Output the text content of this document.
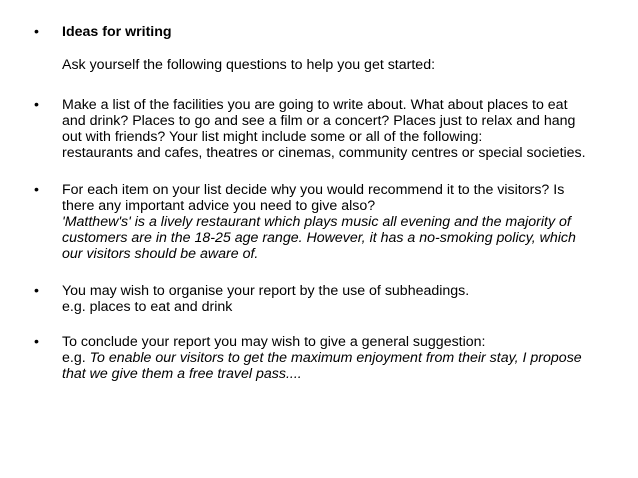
•	Ideas for writing
Ask yourself the following questions to help you get started:
•	Make a list of the facilities you are going to write about. What about places to eat
and drink? Places to go and see a film or a concert? Places just to relax and hang
out with friends? Your list might include some or all of the following:
restaurants and cafes, theatres or cinemas, community centres or special societies.
•	For each item on your list decide why you would recommend it to the visitors? Is
there any important advice you need to give also?
'Matthew's' is a lively restaurant which plays music all evening and the majority of
customers are in the 18-25 age range. However, it has a no-smoking policy, which
our visitors should be aware of.
•	You may wish to organise your report by the use of subheadings.
e.g. places to eat and drink
•	To conclude your report you may wish to give a general suggestion:
e.g. To enable our visitors to get the maximum enjoyment from their stay, I propose
that we give them a free travel pass....
